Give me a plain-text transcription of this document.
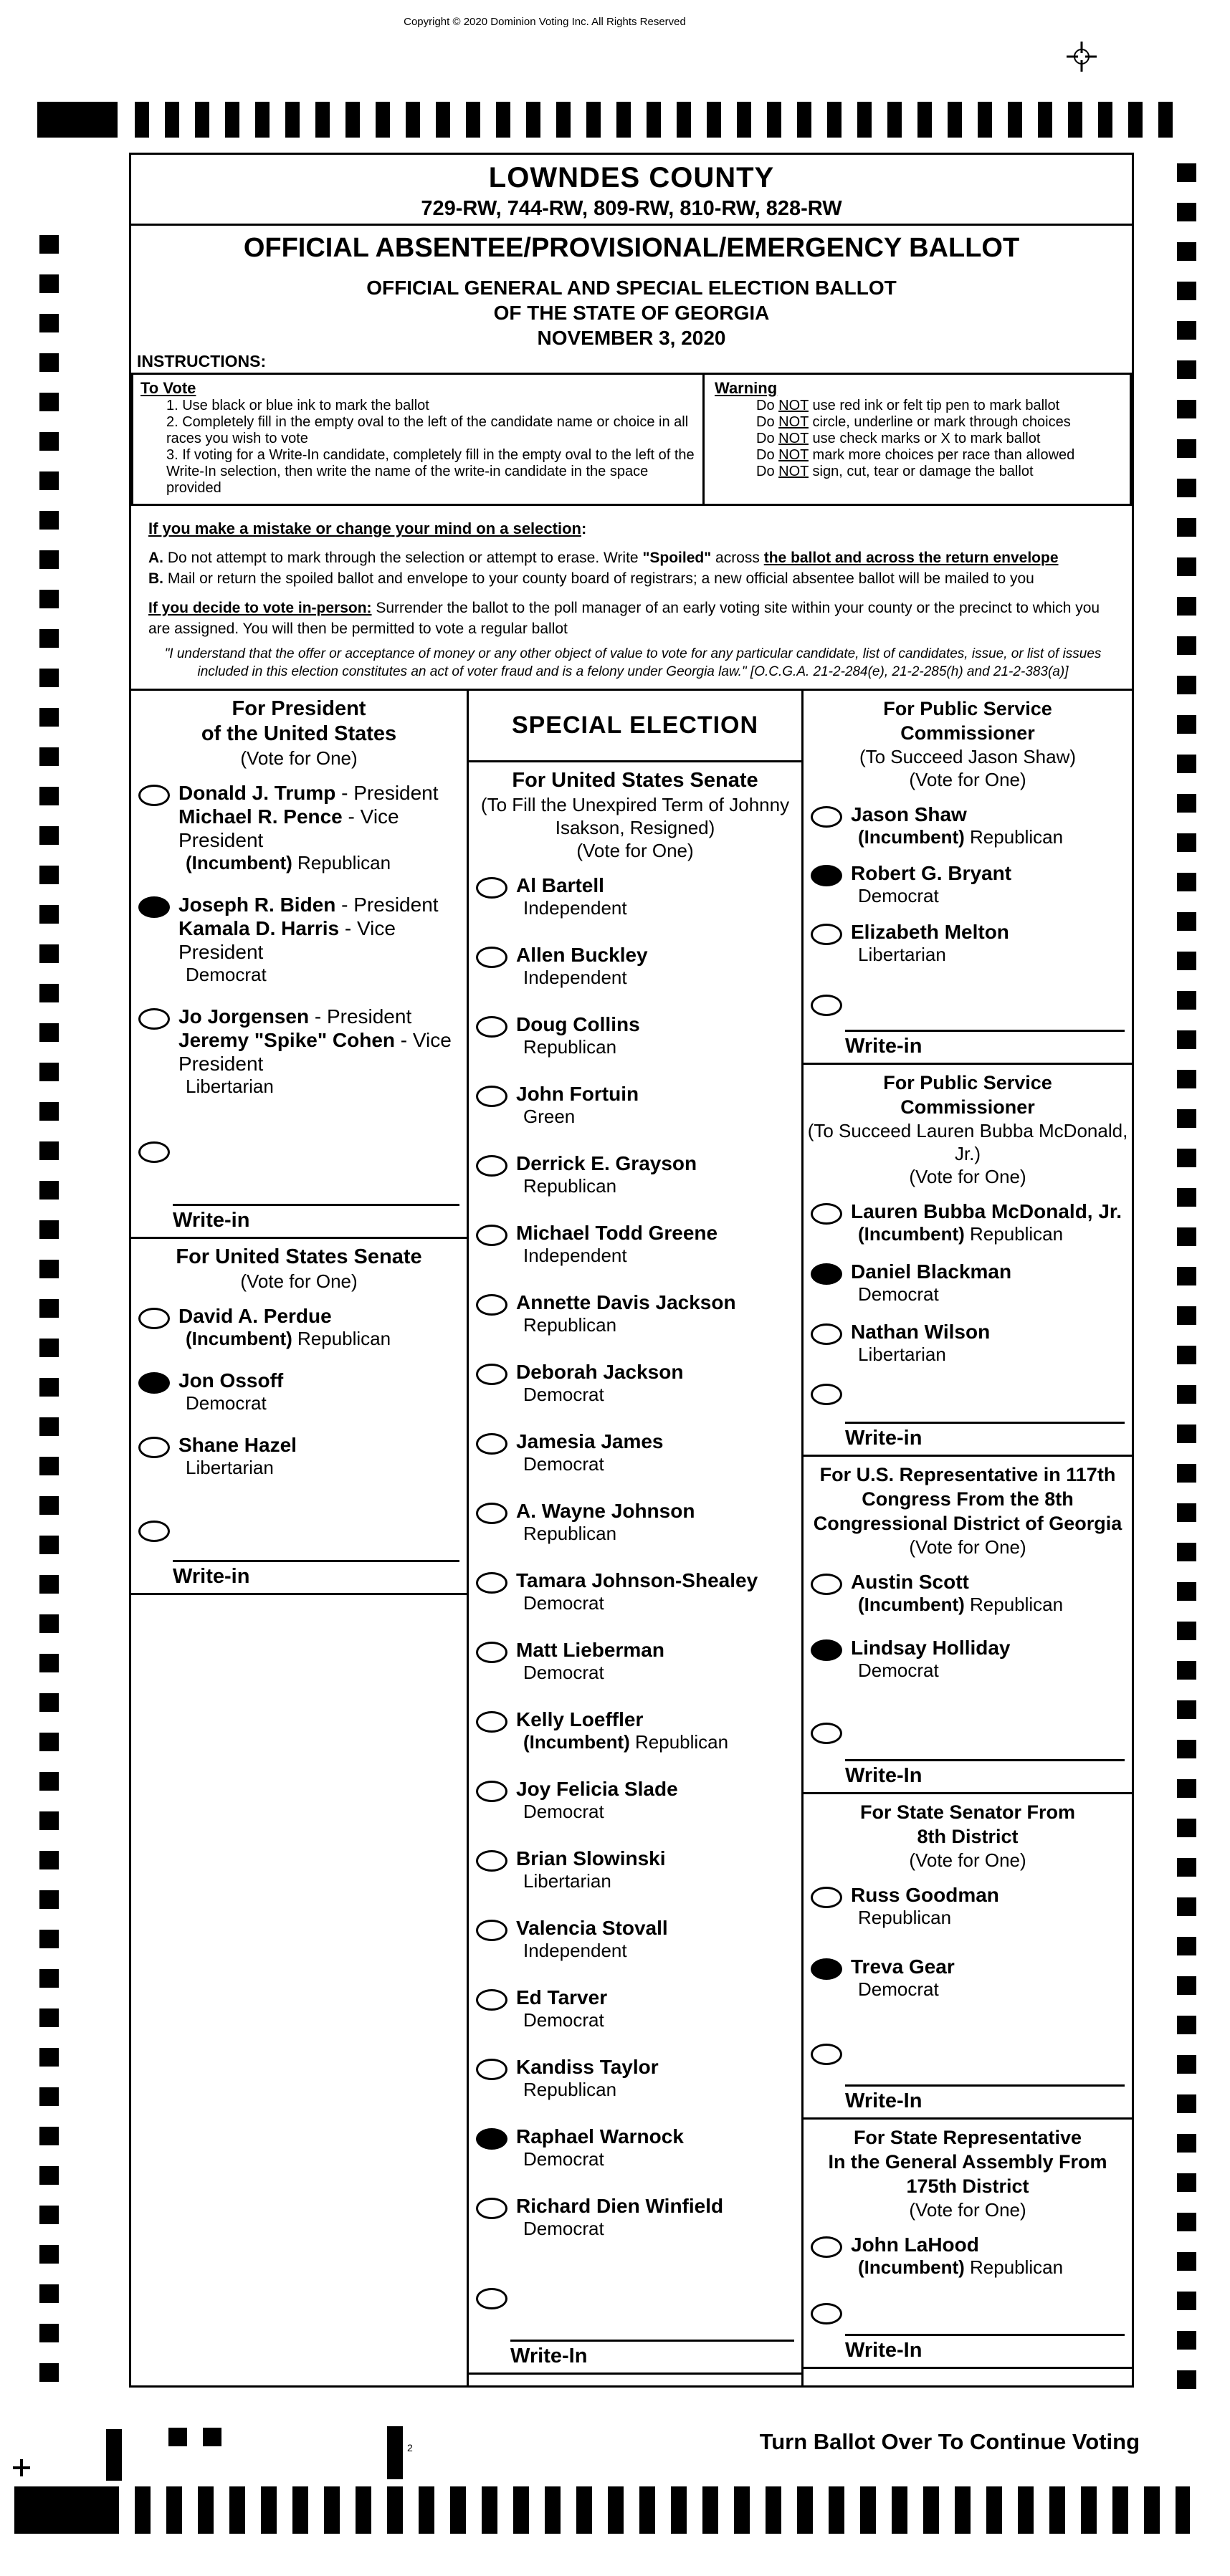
Copyright © 2020 Dominion Voting Inc. All Rights Reserved
2	Turn Ballot Over To Continue Voting
LOWNDES COUNTY
729-RW, 744-RW, 809-RW, 810-RW, 828-RW
OFFICIAL ABSENTEE/PROVISIONAL/EMERGENCY BALLOT
OFFICIAL GENERAL AND SPECIAL ELECTION BALLOT
OF THE STATE OF GEORGIA
NOVEMBER 3, 2020
INSTRUCTIONS:
To Vote
1. Use black or blue ink to mark the ballot
2. Completely fill in the empty oval to the left of the candidate name or choice in all races you wish to vote
3. If voting for a Write-In candidate, completely fill in the empty oval to the left of the Write-In selection, then write the name of the write-in candidate in the space provided
Warning
Do NOT use red ink or felt tip pen to mark ballot
Do NOT circle, underline or mark through choices
Do NOT use check marks or X to mark ballot
Do NOT mark more choices per race than allowed
Do NOT sign, cut, tear or damage the ballot
If you make a mistake or change your mind on a selection:
A. Do not attempt to mark through the selection or attempt to erase. Write "Spoiled" across the ballot and across the return envelope
B. Mail or return the spoiled ballot and envelope to your county board of registrars; a new official absentee ballot will be mailed to you
If you decide to vote in-person: Surrender the ballot to the poll manager of an early voting site within your county or the precinct to which you are assigned. You will then be permitted to vote a regular ballot
"I understand that the offer or acceptance of money or any other object of value to vote for any particular candidate, list of candidates, issue, or list of issues included in this election constitutes an act of voter fraud and is a felony under Georgia law." [O.C.G.A. 21-2-284(e), 21-2-285(h) and 21-2-383(a)]
For President
of the United States
(Vote for One)
Donald J. Trump - President
Michael R. Pence - Vice President
(Incumbent) Republican
Joseph R. Biden - President
Kamala D. Harris - Vice President
Democrat
Jo Jorgensen - President
Jeremy "Spike" Cohen - Vice President
Libertarian
Write-in
For United States Senate
(Vote for One)
David A. Perdue
(Incumbent) Republican
Jon Ossoff
Democrat
Shane Hazel
Libertarian
Write-in
SPECIAL ELECTION
For United States Senate
(To Fill the Unexpired Term of Johnny
Isakson, Resigned)
(Vote for One)
Al Bartell
Independent
Allen Buckley
Independent
Doug Collins
Republican
John Fortuin
Green
Derrick E. Grayson
Republican
Michael Todd Greene
Independent
Annette Davis Jackson
Republican
Deborah Jackson
Democrat
Jamesia James
Democrat
A. Wayne Johnson
Republican
Tamara Johnson-Shealey
Democrat
Matt Lieberman
Democrat
Kelly Loeffler
(Incumbent) Republican
Joy Felicia Slade
Democrat
Brian Slowinski
Libertarian
Valencia Stovall
Independent
Ed Tarver
Democrat
Kandiss Taylor
Republican
Raphael Warnock
Democrat
Richard Dien Winfield
Democrat
Write-In
For Public Service
Commissioner
(To Succeed Jason Shaw)
(Vote for One)
Jason Shaw
(Incumbent) Republican
Robert G. Bryant
Democrat
Elizabeth Melton
Libertarian
Write-in
For Public Service
Commissioner
(To Succeed Lauren Bubba McDonald, Jr.)
(Vote for One)
Lauren Bubba McDonald, Jr.
(Incumbent) Republican
Daniel Blackman
Democrat
Nathan Wilson
Libertarian
Write-in
For U.S. Representative in 117th
Congress From the 8th
Congressional District of Georgia
(Vote for One)
Austin Scott
(Incumbent) Republican
Lindsay Holliday
Democrat
Write-In
For State Senator From
8th District
(Vote for One)
Russ Goodman
Republican
Treva Gear
Democrat
Write-In
For State Representative
In the General Assembly From
175th District
(Vote for One)
John LaHood
(Incumbent) Republican
Write-In
